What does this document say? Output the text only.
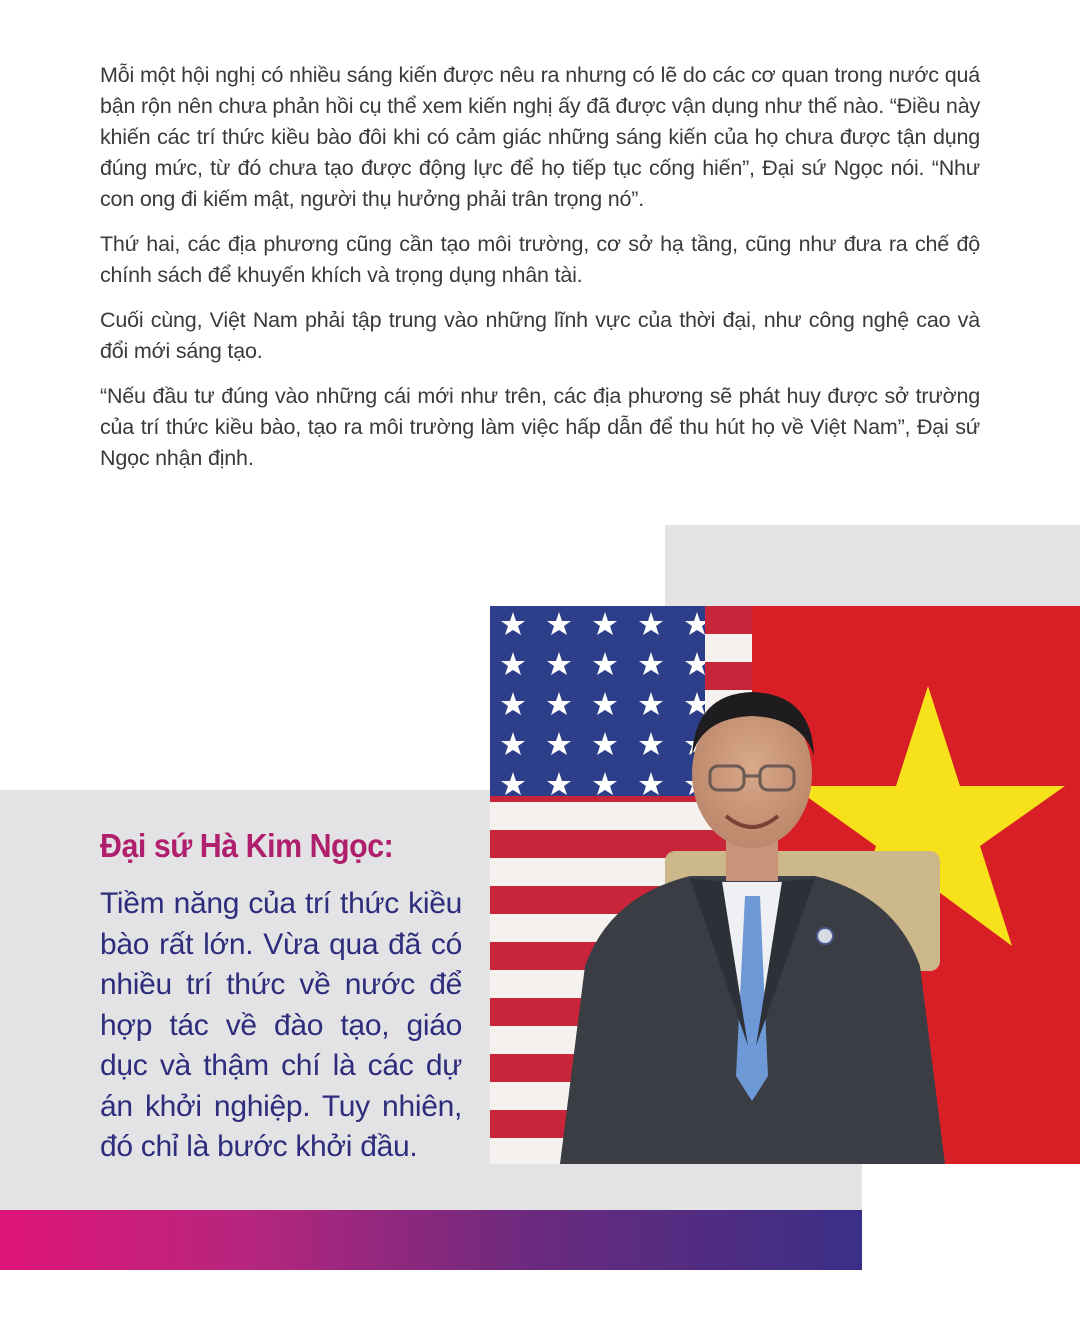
Mỗi một hội nghị có nhiều sáng kiến được nêu ra nhưng có lẽ do các cơ quan trong nước quá bận rộn nên chưa phản hồi cụ thể xem kiến nghị ấy đã được vận dụng như thế nào. “Điều này khiến các trí thức kiều bào đôi khi có cảm giác những sáng kiến của họ chưa được tận dụng đúng mức, từ đó chưa tạo được động lực để họ tiếp tục cống hiến”, Đại sứ Ngọc nói. “Như con ong đi kiếm mật, người thụ hưởng phải trân trọng nó”.

Thứ hai, các địa phương cũng cần tạo môi trường, cơ sở hạ tầng, cũng như đưa ra chế độ chính sách để khuyến khích và trọng dụng nhân tài.

Cuối cùng, Việt Nam phải tập trung vào những lĩnh vực của thời đại, như công nghệ cao và đổi mới sáng tạo.

“Nếu đầu tư đúng vào những cái mới như trên, các địa phương sẽ phát huy được sở trường của trí thức kiều bào, tạo ra môi trường làm việc hấp dẫn để thu hút họ về Việt Nam”, Đại sứ Ngọc nhận định.

Đại sứ Hà Kim Ngọc:
Tiềm năng của trí thức kiều bào rất lớn. Vừa qua đã có nhiều trí thức về nước để hợp tác về đào tạo, giáo dục và thậm chí là các dự án khởi nghiệp. Tuy nhiên, đó chỉ là bước khởi đầu.
